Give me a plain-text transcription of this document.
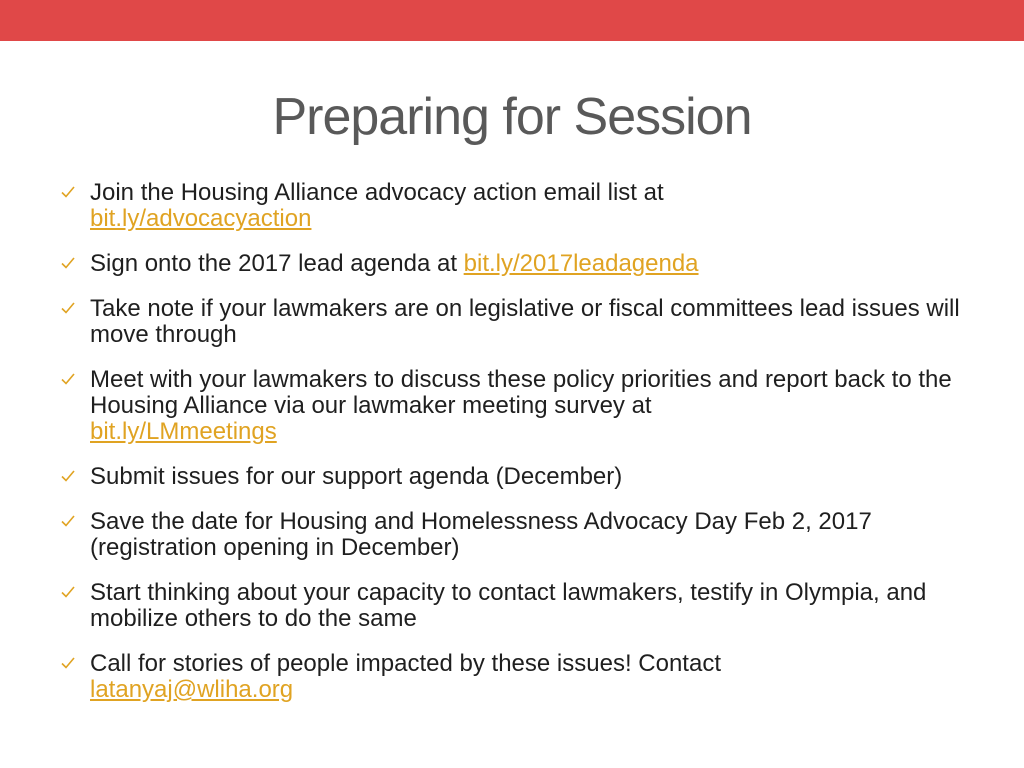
Preparing for Session
Join the Housing Alliance advocacy action email list at
bit.ly/advocacyaction
Sign onto the 2017 lead agenda at bit.ly/2017leadagenda
Take note if your lawmakers are on legislative or fiscal committees lead issues will move through
Meet with your lawmakers to discuss these policy priorities and report back to the Housing Alliance via our lawmaker meeting survey at
bit.ly/LMmeetings
Submit issues for our support agenda (December)
Save the date for Housing and Homelessness Advocacy Day Feb 2, 2017 (registration opening in December)
Start thinking about your capacity to contact lawmakers, testify in Olympia, and mobilize others to do the same
Call for stories of people impacted by these issues! Contact
latanyaj@wliha.org
